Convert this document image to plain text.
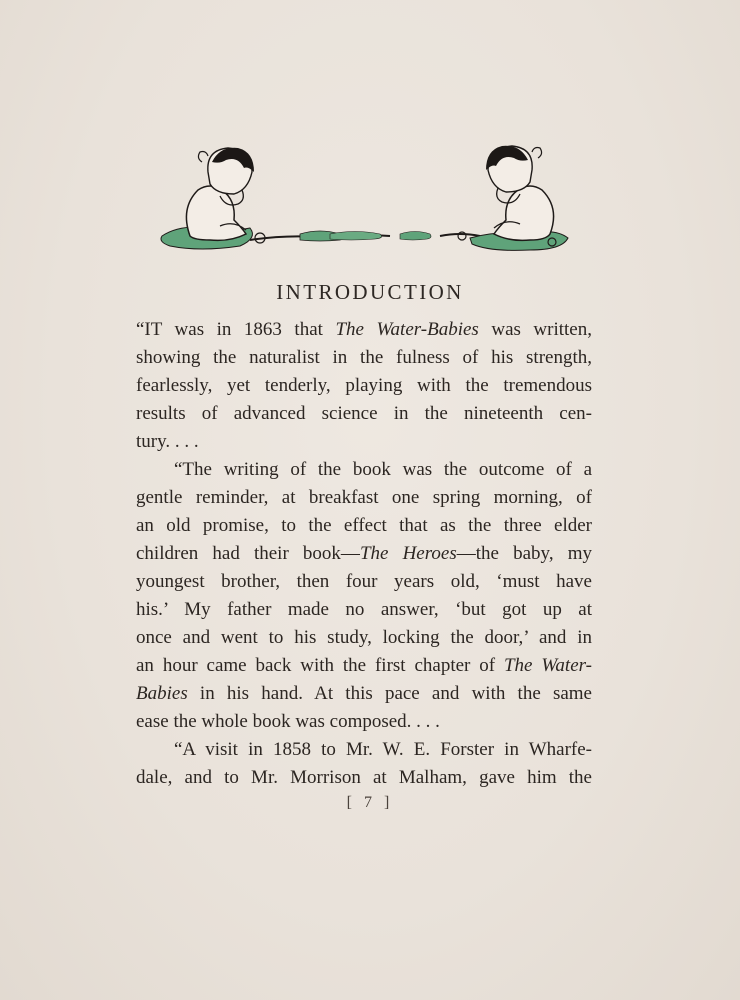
INTRODUCTION
“IT was in 1863 that The Water-Babies was written,
showing the naturalist in the fulness of his strength,
fearlessly, yet tenderly, playing with the tremendous
results of advanced science in the nineteenth cen-
tury. . . .
“The writing of the book was the outcome of a
gentle reminder, at breakfast one spring morning, of
an old promise, to the effect that as the three elder
children had their book—The Heroes—the baby, my
youngest brother, then four years old, ‘must have
his.’ My father made no answer, ‘but got up at
once and went to his study, locking the door,’ and in
an hour came back with the first chapter of The Water-
Babies in his hand. At this pace and with the same
ease the whole book was composed. . . .
“A visit in 1858 to Mr. W. E. Forster in Wharfe-
dale, and to Mr. Morrison at Malham, gave him the
[ 7 ]
